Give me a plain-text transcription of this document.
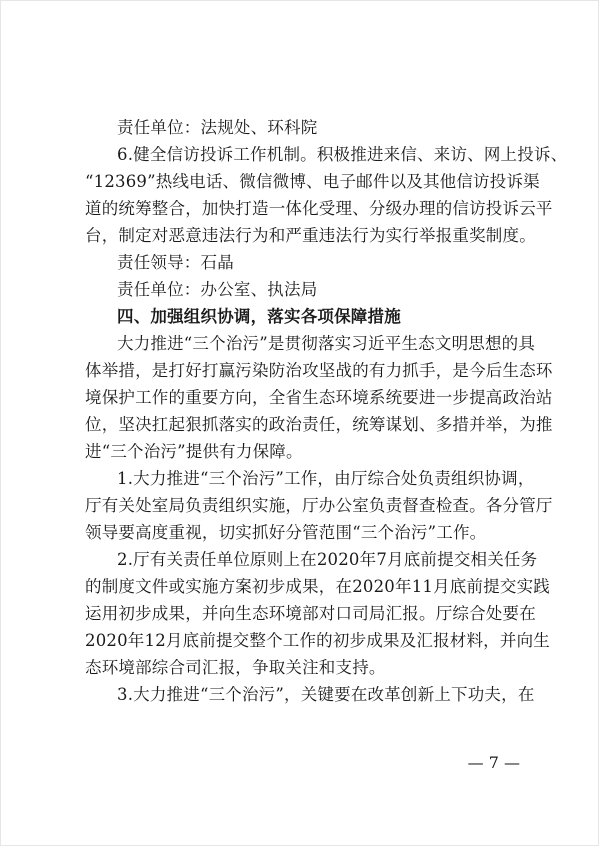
责任单位：法规处、环科院
6.健全信访投诉工作机制。积极推进来信、来访、网上投诉、
“12369”热线电话、微信微博、电子邮件以及其他信访投诉渠
道的统筹整合，加快打造一体化受理、分级办理的信访投诉云平
台，制定对恶意违法行为和严重违法行为实行举报重奖制度。
责任领导：石晶
责任单位：办公室、执法局
四、加强组织协调，落实各项保障措施
大力推进“三个治污”是贯彻落实习近平生态文明思想的具
体举措，是打好打赢污染防治攻坚战的有力抓手，是今后生态环
境保护工作的重要方向，全省生态环境系统要进一步提高政治站
位，坚决扛起狠抓落实的政治责任，统筹谋划、多措并举，为推
进“三个治污”提供有力保障。
1.大力推进“三个治污”工作，由厅综合处负责组织协调，
厅有关处室局负责组织实施，厅办公室负责督查检查。各分管厅
领导要高度重视，切实抓好分管范围“三个治污”工作。
2.厅有关责任单位原则上在2020年7月底前提交相关任务
的制度文件或实施方案初步成果，在2020年11月底前提交实践
运用初步成果，并向生态环境部对口司局汇报。厅综合处要在
2020年12月底前提交整个工作的初步成果及汇报材料，并向生
态环境部综合司汇报，争取关注和支持。
3.大力推进“三个治污”，关键要在改革创新上下功夫，在
— 7 —
